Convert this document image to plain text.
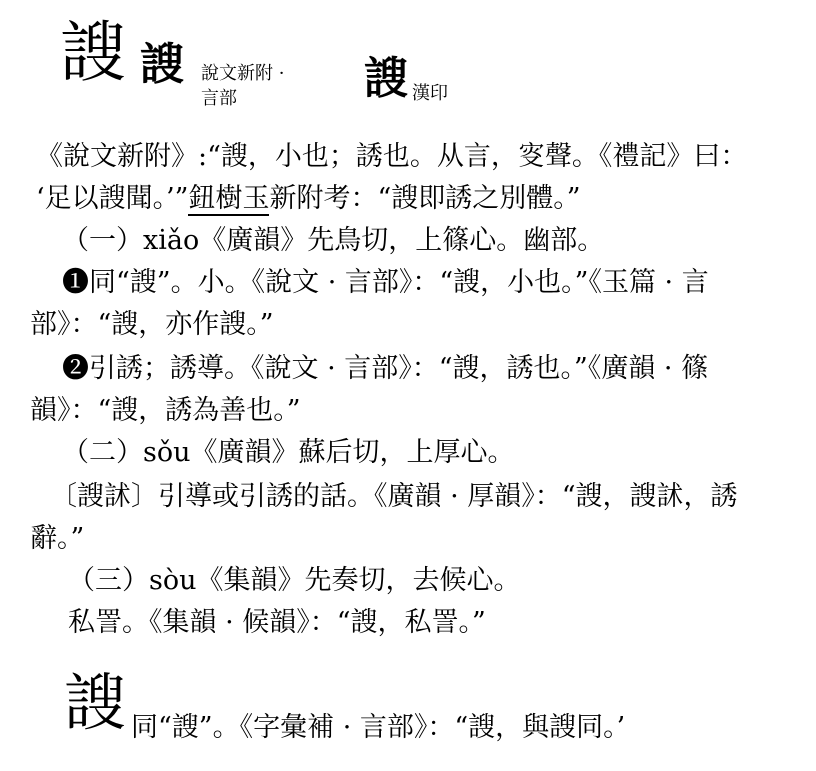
謏 謏 說文新附 ·
言部	謏 漢印
《說文新附》:“謏，小也；誘也。从言，叜聲。《禮記》曰：
‘足以謏聞。’”鈕樹玉新附考：“謏即誘之別體。”
（一）xiǎo《廣韻》先鳥切，上篠心。幽部。
❶同“謏”。小。《說文 · 言部》：“謏，小也。”《玉篇 · 言
部》：“謏，亦作謏。”
❷引誘；誘導。《說文 · 言部》：“謏，誘也。”《廣韻 · 篠
韻》：“謏，誘為善也。”
（二）sǒu《廣韻》蘇后切，上厚心。
〔謏訹〕引導或引誘的話。《廣韻 · 厚韻》：“謏，謏訹，誘
辭。”
（三）sòu《集韻》先奏切，去候心。
私詈。《集韻 · 候韻》：“謏，私詈。”
謏 同“謏”。《字彙補 · 言部》：“謏，與謏同。’
